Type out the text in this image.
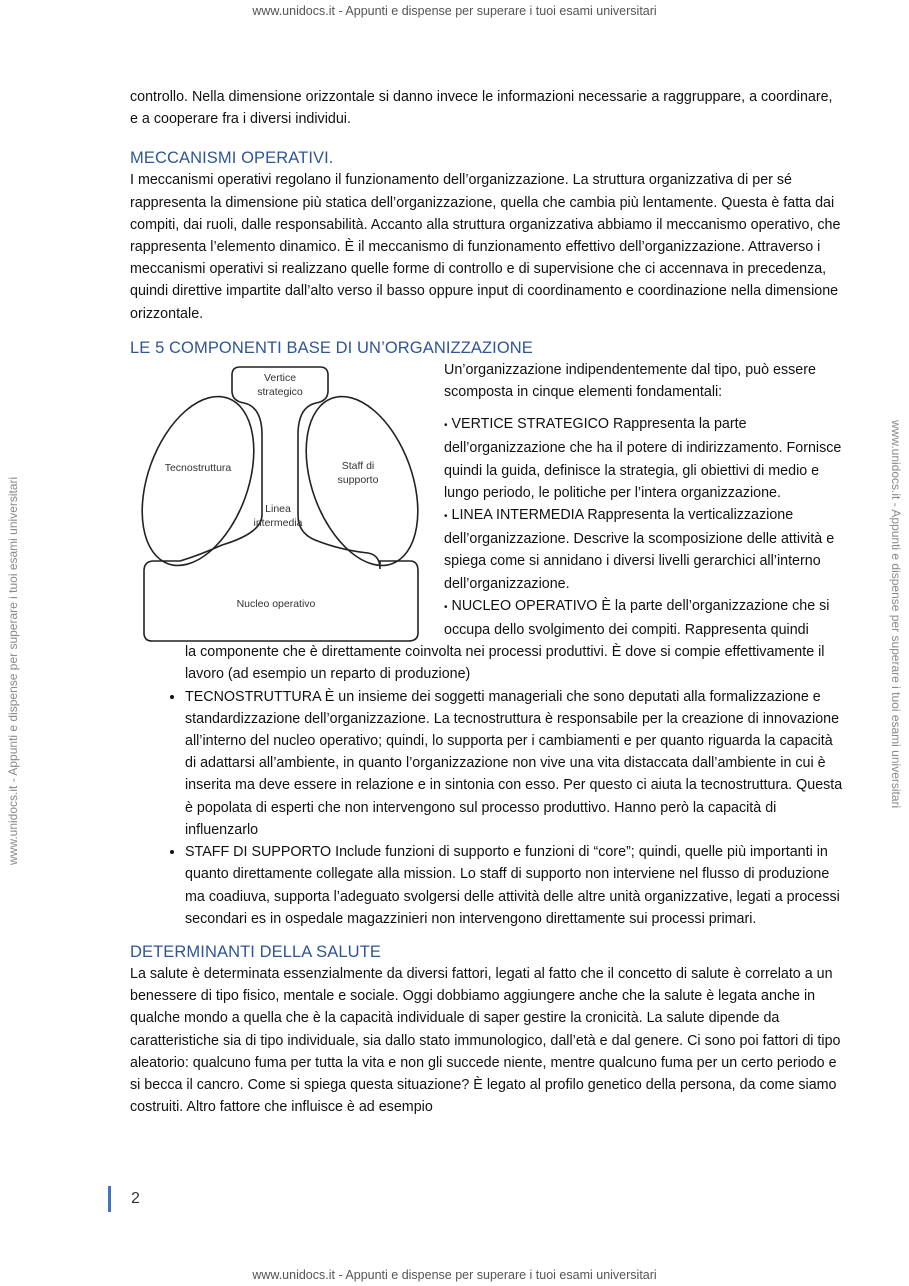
www.unidocs.it - Appunti e dispense per superare i tuoi esami universitari
www.unidocs.it - Appunti e dispense per superare i tuoi esami universitari	www.unidocs.it - Appunti e dispense per superare i tuoi esami universitari

controllo. Nella dimensione orizzontale si danno invece le informazioni necessarie a raggruppare, a coordinare, e a cooperare fra i diversi individui.

MECCANISMI OPERATIVI.

I meccanismi operativi regolano il funzionamento dell’organizzazione. La struttura organizzativa di per sé rappresenta la dimensione più statica dell’organizzazione, quella che cambia più lentamente. Questa è fatta dai compiti, dai ruoli, dalle responsabilità. Accanto alla struttura organizzativa abbiamo il meccanismo operativo, che rappresenta l’elemento dinamico. È il meccanismo di funzionamento effettivo dell’organizzazione. Attraverso i meccanismi operativi si realizzano quelle forme di controllo e di supervisione che ci accennava in precedenza, quindi direttive impartite dall’alto verso il basso oppure input di coordinamento e coordinazione nella dimensione orizzontale.

LE 5 COMPONENTI BASE DI UN’ORGANIZZAZIONE
Vertice
strategico
Tecnostruttura	Staff di
supporto
Linea
intermedia
Nucleo operativo

Un’organizzazione indipendentemente dal tipo, può essere scomposta in cinque elementi fondamentali:

• VERTICE STRATEGICO Rappresenta la parte dell’organizzazione che ha il potere di indirizzamento. Fornisce quindi la guida, definisce la strategia, gli obiettivi di medio e lungo periodo, le politiche per l’intera organizzazione.

• LINEA INTERMEDIA Rappresenta la verticalizzazione dell’organizzazione. Descrive la scomposizione delle attività e spiega come si annidano i diversi livelli gerarchici all’interno dell’organizzazione.

• NUCLEO OPERATIVO È la parte dell’organizzazione che si occupa dello svolgimento dei compiti. Rappresenta quindi

la componente che è direttamente coinvolta nei processi produttivi. È dove si compie effettivamente il lavoro (ad esempio un reparto di produzione)

• TECNOSTRUTTURA È un insieme dei soggetti manageriali che sono deputati alla formalizzazione e standardizzazione dell’organizzazione. La tecnostruttura è responsabile per la creazione di innovazione all’interno del nucleo operativo; quindi, lo supporta per i cambiamenti e per quanto riguarda la capacità di adattarsi all’ambiente, in quanto l’organizzazione non vive una vita distaccata dall’ambiente in cui è inserita ma deve essere in relazione e in sintonia con esso. Per questo ci aiuta la tecnostruttura. Questa è popolata di esperti che non intervengono sul processo produttivo. Hanno però la capacità di influenzarlo
• STAFF DI SUPPORTO Include funzioni di supporto e funzioni di “core”; quindi, quelle più importanti in quanto direttamente collegate alla mission. Lo staff di supporto non interviene nel flusso di produzione ma coadiuva, supporta l’adeguato svolgersi delle attività delle altre unità organizzative, legati a processi secondari es in ospedale magazzinieri non intervengono direttamente sui processi primari.
DETERMINANTI DELLA SALUTE

La salute è determinata essenzialmente da diversi fattori, legati al fatto che il concetto di salute è correlato a un benessere di tipo fisico, mentale e sociale. Oggi dobbiamo aggiungere anche che la salute è legata anche in qualche mondo a quella che è la capacità individuale di saper gestire la cronicità. La salute dipende da caratteristiche sia di tipo individuale, sia dallo stato immunologico, dall’età e dal genere. Ci sono poi fattori di tipo aleatorio: qualcuno fuma per tutta la vita e non gli succede niente, mentre qualcuno fuma per un certo periodo e si becca il cancro. Come si spiega questa situazione? È legato al profilo genetico della persona, da come siamo costruiti. Altro fattore che influisce è ad esempio

2
www.unidocs.it - Appunti e dispense per superare i tuoi esami universitari
